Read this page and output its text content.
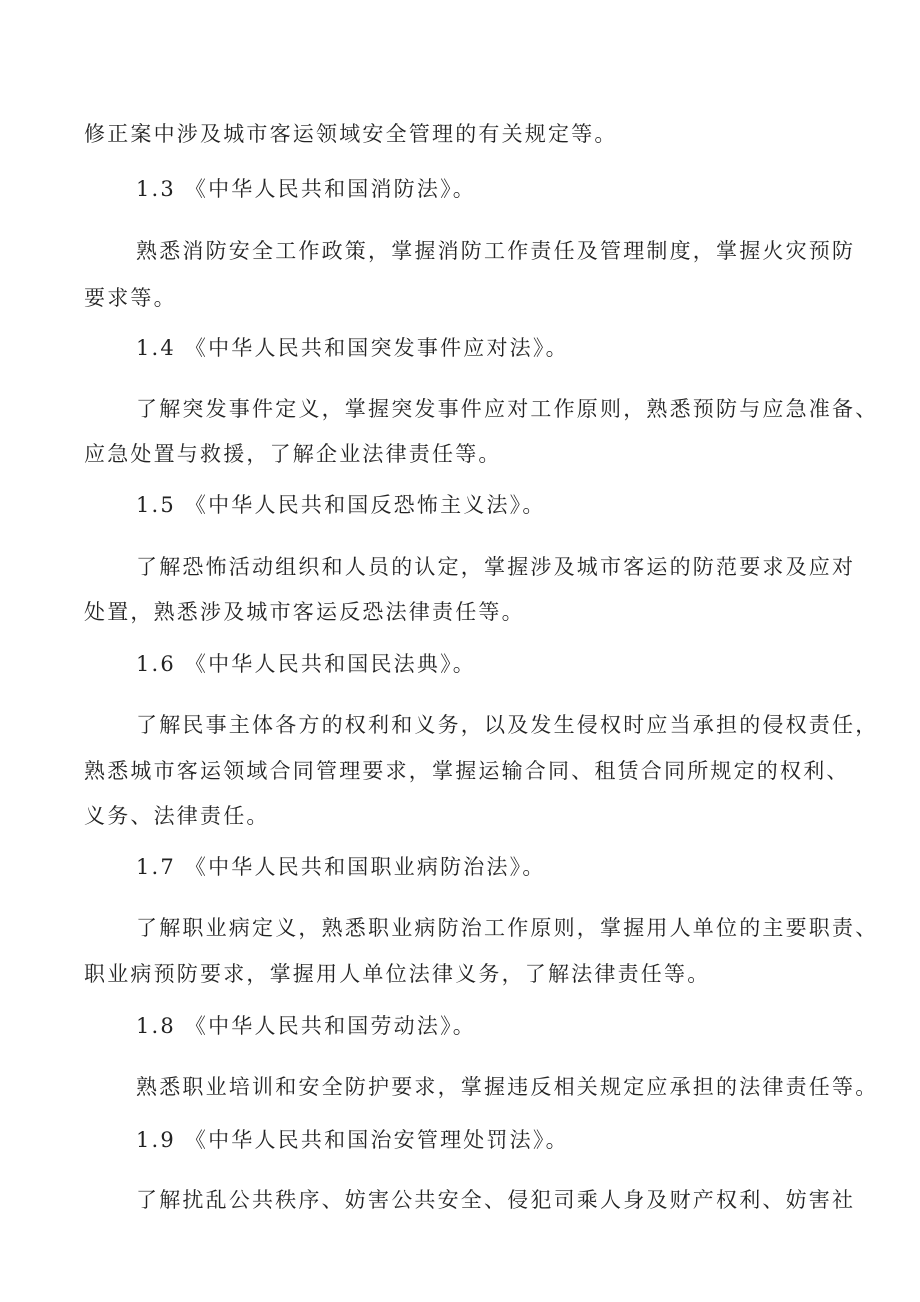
修正案中涉及城市客运领域安全管理的有关规定等。
1.3 《中华人民共和国消防法》。
熟悉消防安全工作政策，掌握消防工作责任及管理制度，掌握火灾预防
要求等。
1.4 《中华人民共和国突发事件应对法》。
了解突发事件定义，掌握突发事件应对工作原则，熟悉预防与应急准备、
应急处置与救援，了解企业法律责任等。
1.5 《中华人民共和国反恐怖主义法》。
了解恐怖活动组织和人员的认定，掌握涉及城市客运的防范要求及应对
处置，熟悉涉及城市客运反恐法律责任等。
1.6 《中华人民共和国民法典》。
了解民事主体各方的权利和义务，以及发生侵权时应当承担的侵权责任，
熟悉城市客运领域合同管理要求，掌握运输合同、租赁合同所规定的权利、
义务、法律责任。
1.7 《中华人民共和国职业病防治法》。
了解职业病定义，熟悉职业病防治工作原则，掌握用人单位的主要职责、
职业病预防要求，掌握用人单位法律义务，了解法律责任等。
1.8 《中华人民共和国劳动法》。
熟悉职业培训和安全防护要求，掌握违反相关规定应承担的法律责任等。
1.9 《中华人民共和国治安管理处罚法》。
了解扰乱公共秩序、妨害公共安全、侵犯司乘人身及财产权利、妨害社
